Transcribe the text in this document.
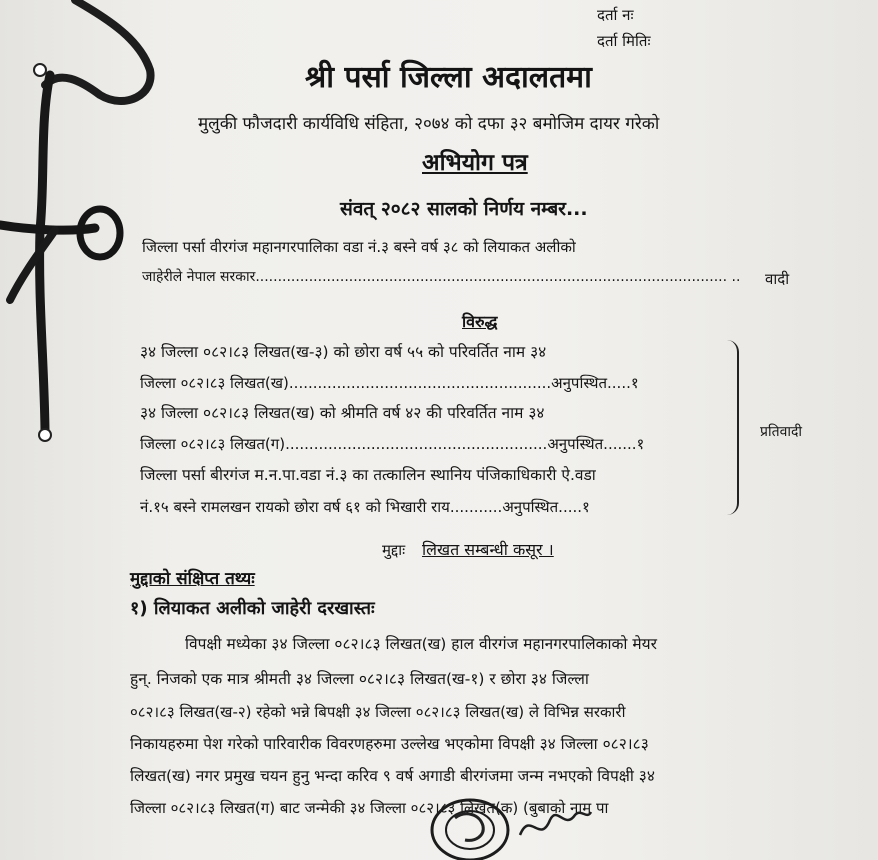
दर्ता नः
दर्ता मितिः
श्री पर्सा जिल्ला अदालतमा
मुलुकी फौजदारी कार्यविधि संहिता, २०७४ को दफा ३२ बमोजिम दायर गरेको
अभियोग पत्र
संवत् २०८२ सालको निर्णय नम्बर...
जिल्ला पर्सा वीरगंज महानगरपालिका वडा नं.३ बस्ने वर्ष ३८ को लियाकत अलीको
जाहेरीले नेपाल सरकार.......................................................................................................... .. वादी
विरुद्ध
३४ जिल्ला ०८२।८३ लिखत(ख-३) को छोरा वर्ष ५५ को परिवर्तित नाम ३४
जिल्ला ०८२।८३ लिखत(ख).......................................................अनुपस्थित.....१
३४ जिल्ला ०८२।८३ लिखत(ख) को श्रीमति वर्ष ४२ की परिवर्तित नाम ३४
जिल्ला ०८२।८३ लिखत(ग).......................................................अनुपस्थित.......१
जिल्ला पर्सा बीरगंज म.न.पा.वडा नं.३ का तत्कालिन स्थानिय पंजिकाधिकारी ऐ.वडा
नं.१५ बस्ने रामलखन रायको छोरा वर्ष ६१ को भिखारी राय...........अनुपस्थित.....१
प्रतिवादी
मुद्दाः लिखत सम्बन्धी कसूर ।
मुद्दाको संक्षिप्त तथ्यः
१) लियाकत अलीको जाहेरी दरखास्तः
विपक्षी मध्येका ३४ जिल्ला ०८२।८३ लिखत(ख) हाल वीरगंज महानगरपालिकाको मेयर
हुन्. निजको एक मात्र श्रीमती ३४ जिल्ला ०८२।८३ लिखत(ख-१) र छोरा ३४ जिल्ला
०८२।८३ लिखत(ख-२) रहेको भन्ने बिपक्षी ३४ जिल्ला ०८२।८३ लिखत(ख) ले विभिन्न सरकारी
निकायहरुमा पेश गरेको पारिवारीक विवरणहरुमा उल्लेख भएकोमा विपक्षी ३४ जिल्ला ०८२।८३
लिखत(ख) नगर प्रमुख चयन हुनु भन्दा करिव ९ वर्ष अगाडी बीरगंजमा जन्म नभएको विपक्षी ३४
जिल्ला ०८२।८३ लिखत(ग) बाट जन्मेकी ३४ जिल्ला ०८२।८३ लिखत(क) (बुबाको नाम पा
